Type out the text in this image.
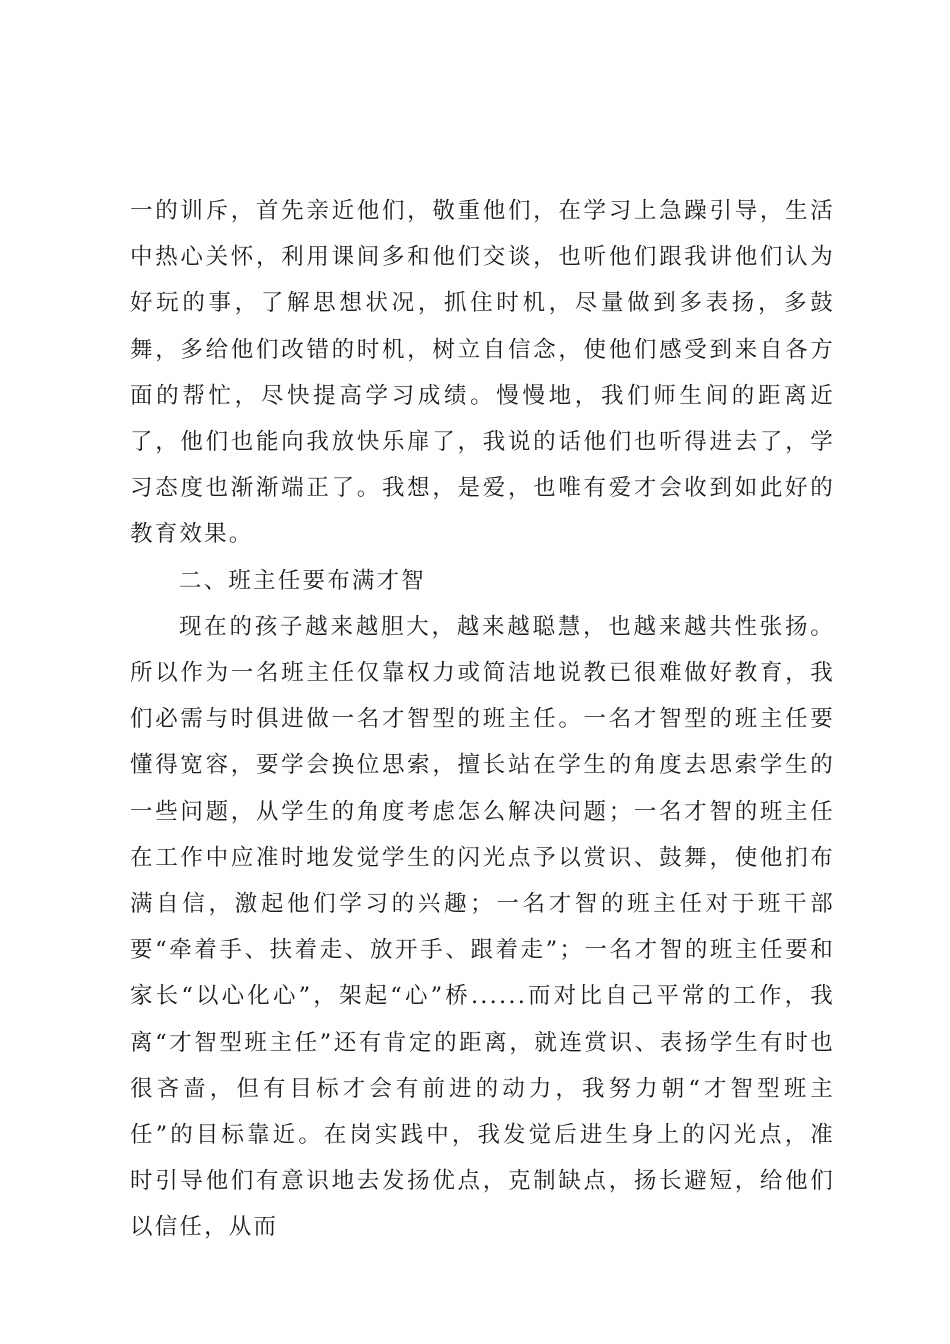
一的训斥，首先亲近他们，敬重他们，在学习上急躁引导，生活中热心关怀，利用课间多和他们交谈，也听他们跟我讲他们认为好玩的事，了解思想状况，抓住时机，尽量做到多表扬，多鼓舞，多给他们改错的时机，树立自信念，使他们感受到来自各方面的帮忙，尽快提高学习成绩。慢慢地，我们师生间的距离近了，他们也能向我放快乐扉了，我说的话他们也听得进去了，学习态度也渐渐端正了。我想，是爱，也唯有爱才会收到如此好的教育效果。

二、班主任要布满才智

现在的孩子越来越胆大，越来越聪慧，也越来越共性张扬。所以作为一名班主任仅靠权力或简洁地说教已很难做好教育，我们必需与时俱进做一名才智型的班主任。一名才智型的班主任要懂得宽容，要学会换位思索，擅长站在学生的角度去思索学生的一些问题，从学生的角度考虑怎么解决问题；一名才智的班主任在工作中应准时地发觉学生的闪光点予以赏识、鼓舞，使他扪布满自信，激起他们学习的兴趣；一名才智的班主任对于班干部要“牵着手、扶着走、放开手、跟着走”；一名才智的班主任要和家长“以心化心”，架起“心”桥......而对比自己平常的工作，我离“才智型班主任”还有肯定的距离，就连赏识、表扬学生有时也很吝啬，但有目标才会有前进的动力，我努力朝“才智型班主任”的目标靠近。在岗实践中，我发觉后进生身上的闪光点，准时引导他们有意识地去发扬优点，克制缺点，扬长避短，给他们以信任，从而
